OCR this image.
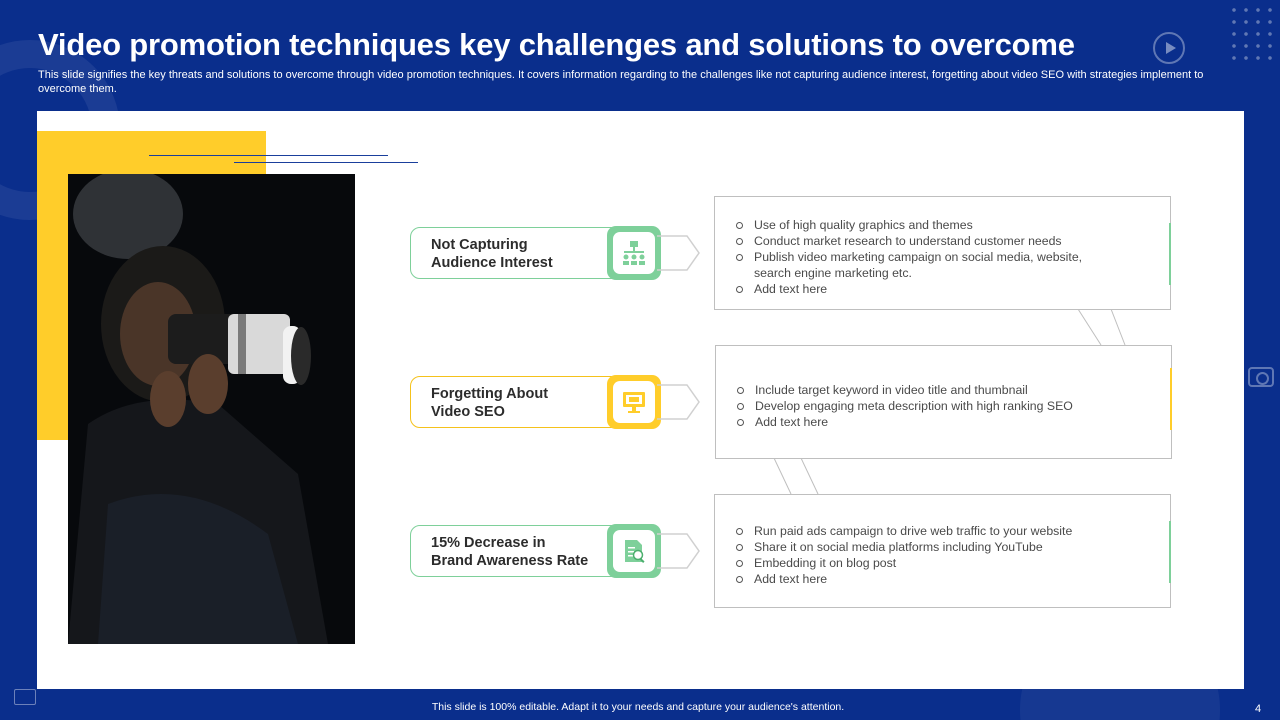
Video promotion techniques key challenges and solutions to overcome

This slide signifies the key threats and solutions to overcome through video promotion techniques. It covers information regarding to the challenges like not capturing audience interest, forgetting about video SEO with strategies implement to overcome them.

Not Capturing
Audience Interest
Forgetting About
Video SEO
15% Decrease in
Brand Awareness Rate
Use of high quality graphics and themes
Conduct market research to understand customer needs
Publish video marketing campaign on social media, website, search engine marketing etc.
Add text here
Include target keyword in video title and thumbnail
Develop engaging meta description with high ranking SEO
Add text here
Run paid ads campaign to drive web traffic to your website
Share it on social media platforms including YouTube
Embedding it on blog post
Add text here
This slide is 100% editable. Adapt it to your needs and capture your audience's attention.	4
